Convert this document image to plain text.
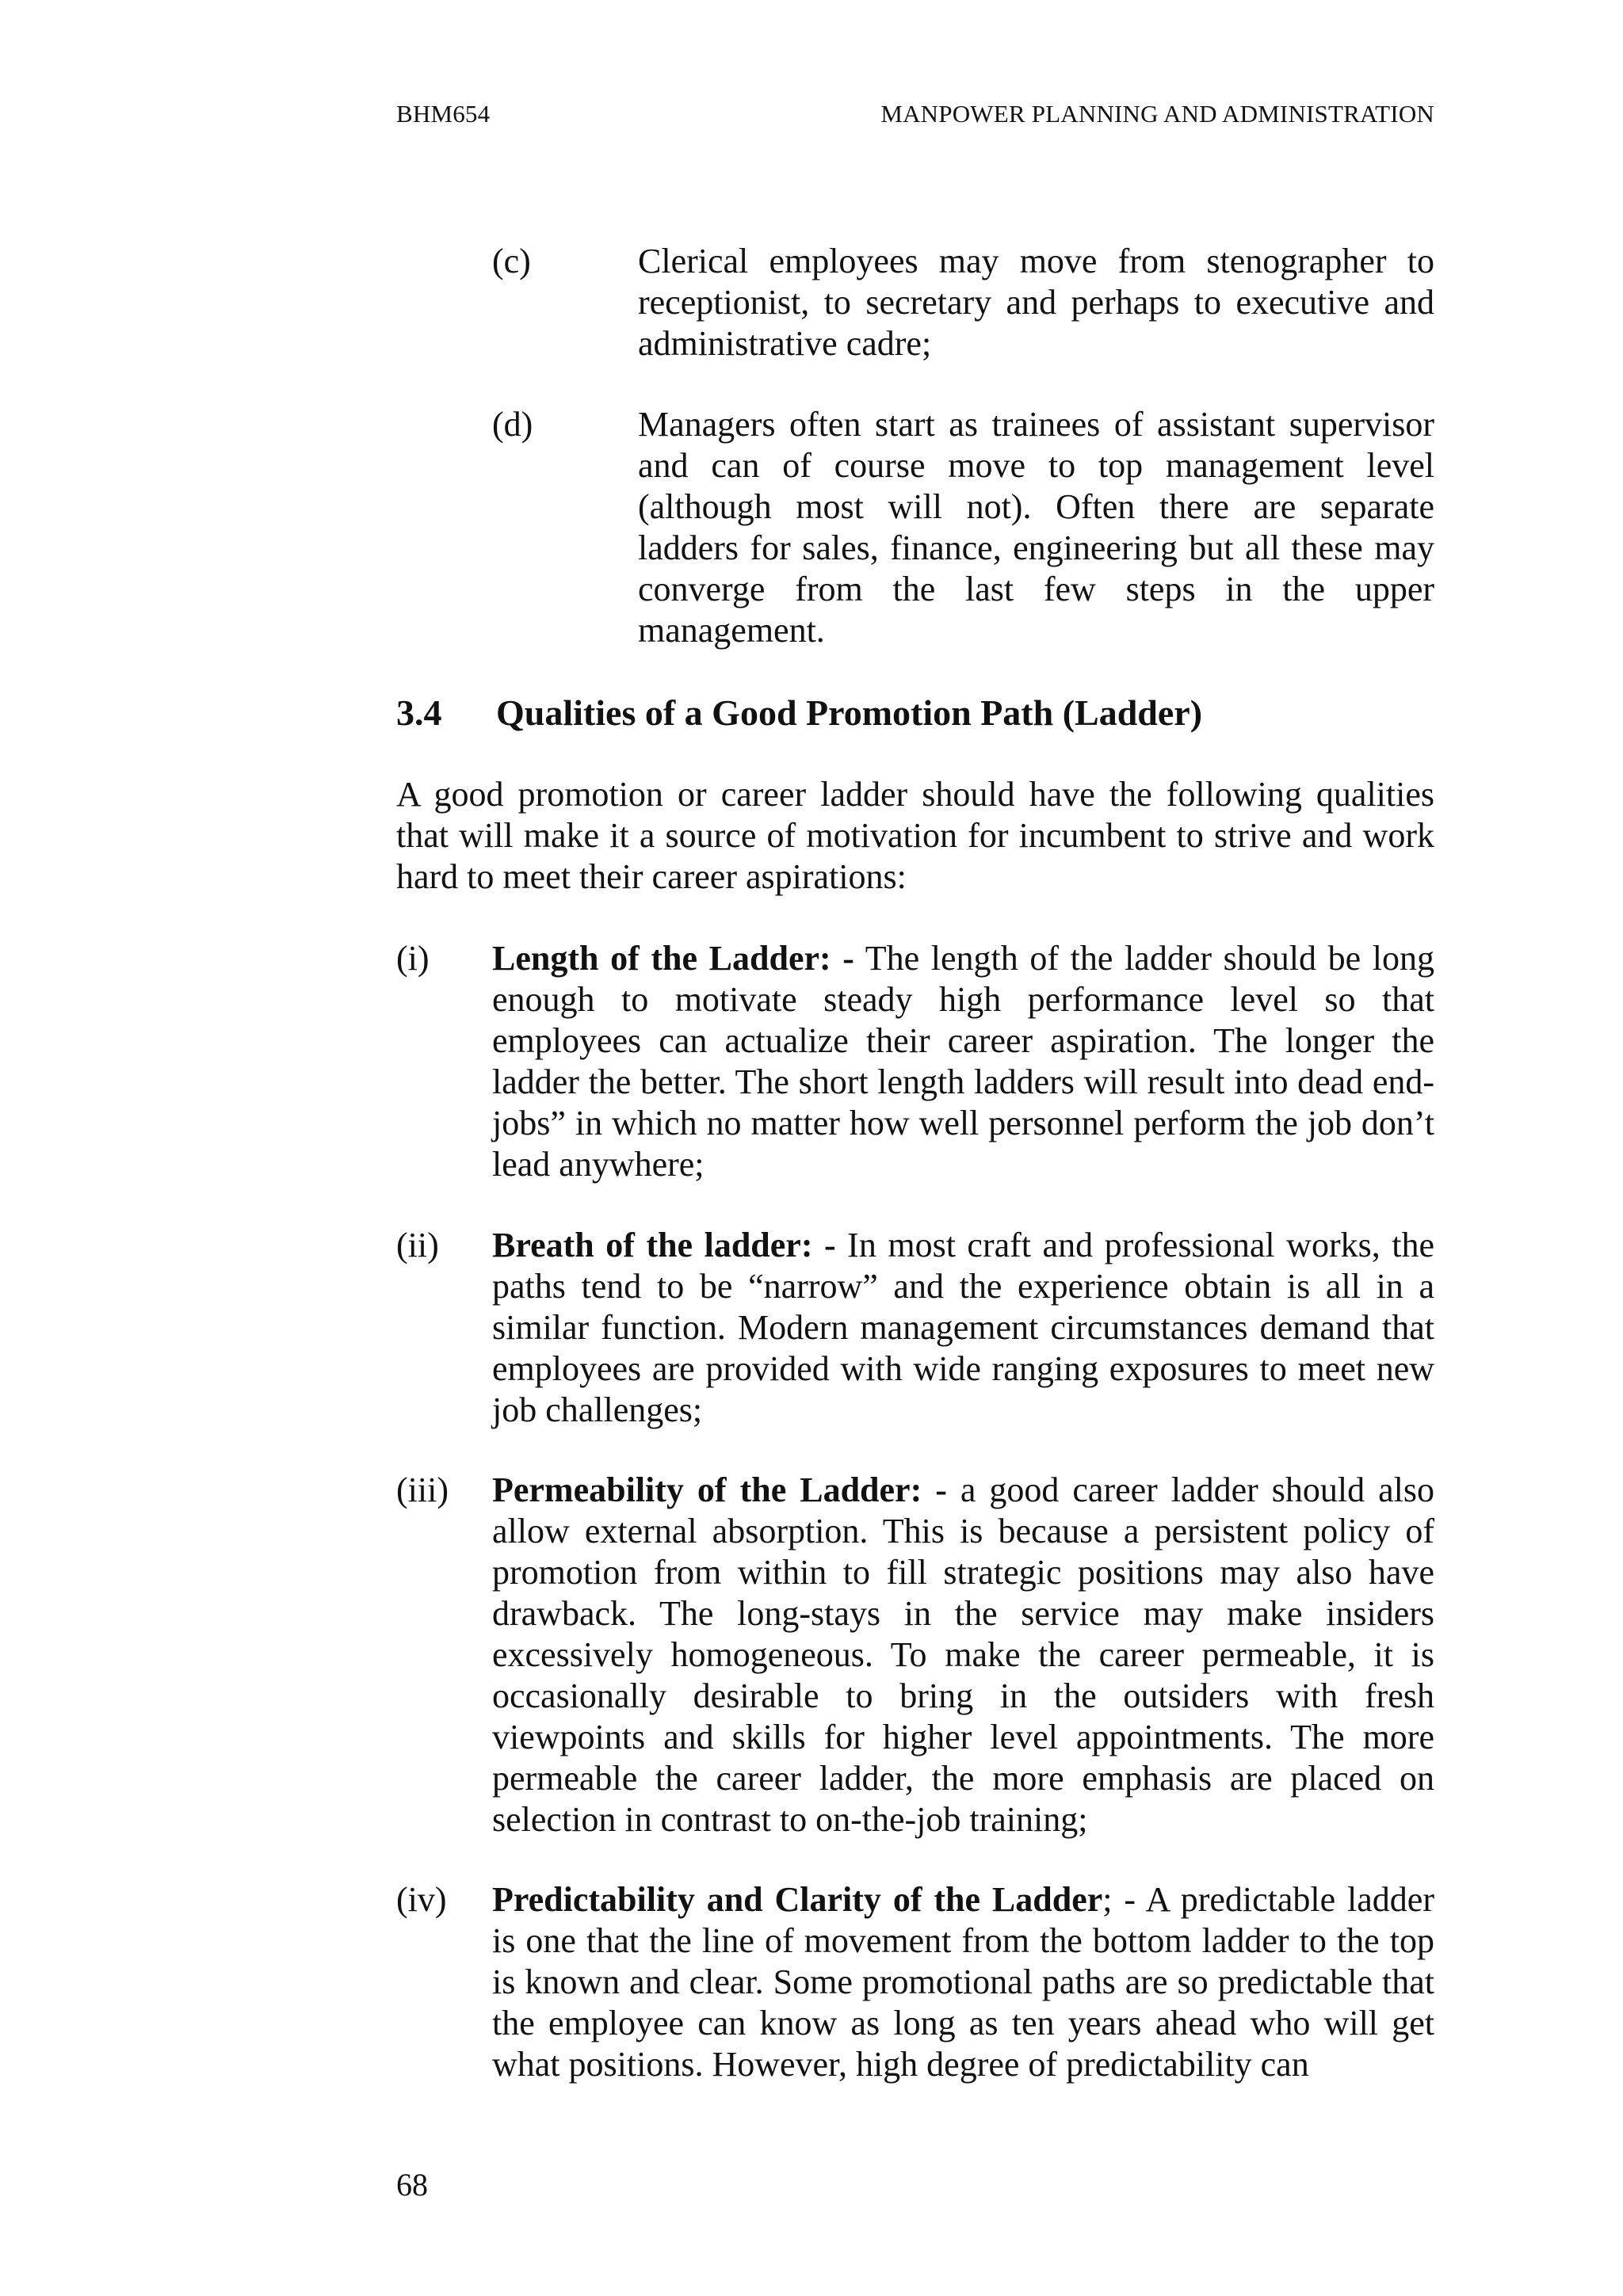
BHM654	MANPOWER PLANNING AND ADMINISTRATION
(c)	Clerical employees may move from stenographer to receptionist, to secretary and perhaps to executive and administrative cadre;

(d)	Managers often start as trainees of assistant supervisor and can of course move to top management level (although most will not). Often there are separate ladders for sales, finance, engineering but all these may converge from the last few steps in the upper management.

3.4 Qualities of a Good Promotion Path (Ladder)

A good promotion or career ladder should have the following qualities that will make it a source of motivation for incumbent to strive and work hard to meet their career aspirations:

(i) Length of the Ladder: - The length of the ladder should be long enough to motivate steady high performance level so that employees can actualize their career aspiration. The longer the ladder the better. The short length ladders will result into dead end-jobs” in which no matter how well personnel perform the job don’t lead anywhere;

(ii) Breath of the ladder: - In most craft and professional works, the paths tend to be “narrow” and the experience obtain is all in a similar function. Modern management circumstances demand that employees are provided with wide ranging exposures to meet new job challenges;

(iii) Permeability of the Ladder: - a good career ladder should also allow external absorption. This is because a persistent policy of promotion from within to fill strategic positions may also have drawback. The long-stays in the service may make insiders excessively homogeneous. To make the career permeable, it is occasionally desirable to bring in the outsiders with fresh viewpoints and skills for higher level appointments. The more permeable the career ladder, the more emphasis are placed on selection in contrast to on-the-job training;

(iv) Predictability and Clarity of the Ladder; - A predictable ladder is one that the line of movement from the bottom ladder to the top is known and clear. Some promotional paths are so predictable that the employee can know as long as ten years ahead who will get what positions. However, high degree of predictability can

68
